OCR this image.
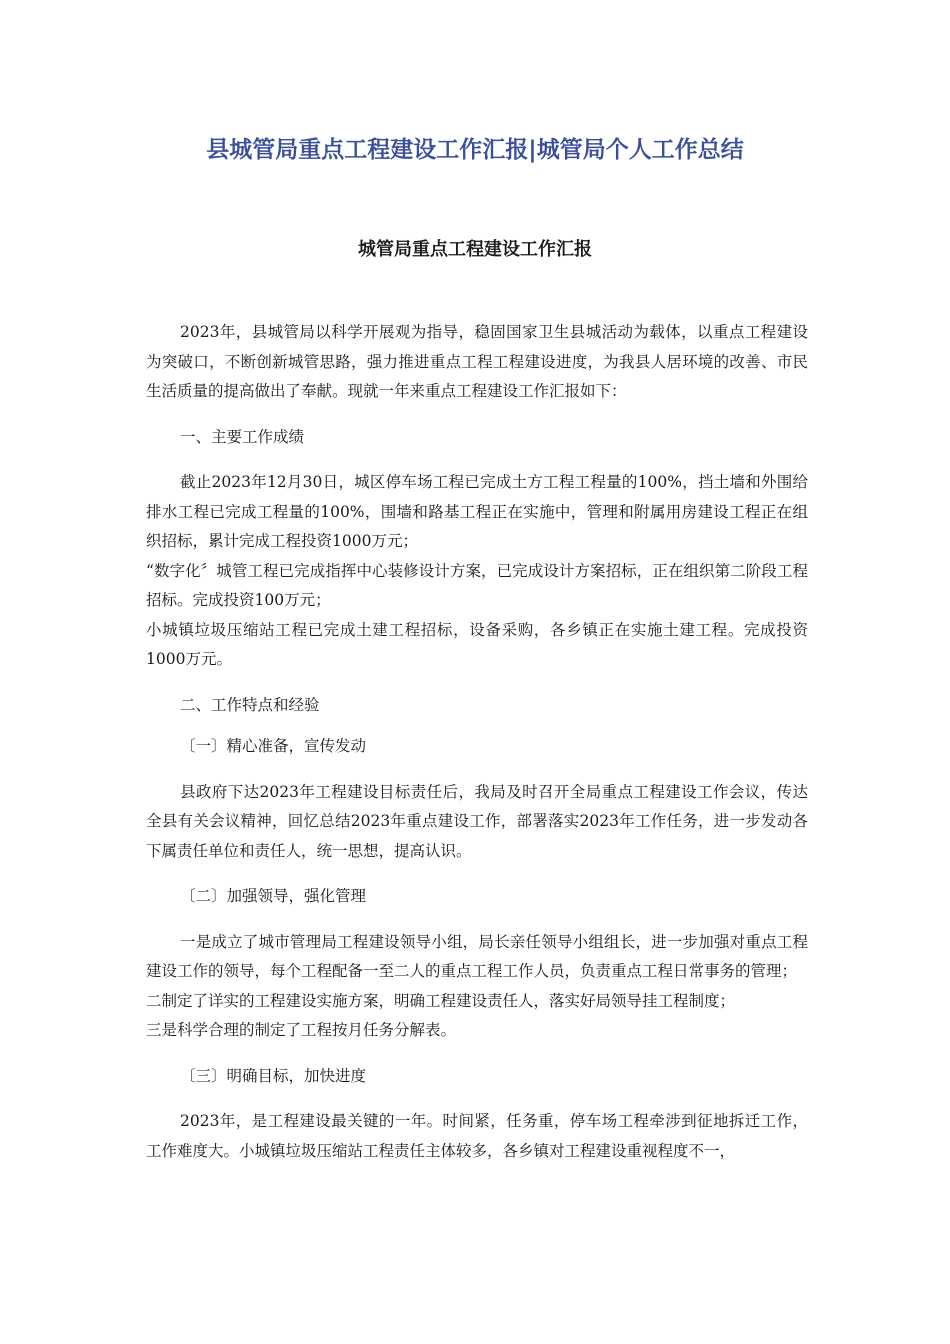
县城管局重点工程建设工作汇报|城管局个人工作总结
城管局重点工程建设工作汇报

2023年，县城管局以科学开展观为指导，稳固国家卫生县城活动为载体，以重点工程建设为突破口，不断创新城管思路，强力推进重点工程工程建设进度，为我县人居环境的改善、市民生活质量的提高做出了奉献。现就一年来重点工程建设工作汇报如下：

一、主要工作成绩

截止2023年12月30日，城区停车场工程已完成土方工程工程量的100%，挡土墙和外围给排水工程已完成工程量的100%，围墙和路基工程正在实施中，管理和附属用房建设工程正在组织招标，累计完成工程投资1000万元；

“数字化〞城管工程已完成指挥中心装修设计方案，已完成设计方案招标，正在组织第二阶段工程招标。完成投资100万元；

小城镇垃圾压缩站工程已完成土建工程招标，设备采购，各乡镇正在实施土建工程。完成投资1000万元。

二、工作特点和经验

〔一〕精心准备，宣传发动

县政府下达2023年工程建设目标责任后，我局及时召开全局重点工程建设工作会议，传达全县有关会议精神，回忆总结2023年重点建设工作，部署落实2023年工作任务，进一步发动各下属责任单位和责任人，统一思想，提高认识。

〔二〕加强领导，强化管理

一是成立了城市管理局工程建设领导小组，局长亲任领导小组组长，进一步加强对重点工程建设工作的领导，每个工程配备一至二人的重点工程工作人员，负责重点工程日常事务的管理；

二制定了详实的工程建设实施方案，明确工程建设责任人，落实好局领导挂工程制度；

三是科学合理的制定了工程按月任务分解表。

〔三〕明确目标，加快进度

2023年，是工程建设最关键的一年。时间紧，任务重，停车场工程牵涉到征地拆迁工作，工作难度大。小城镇垃圾压缩站工程责任主体较多，各乡镇对工程建设重视程度不一，
